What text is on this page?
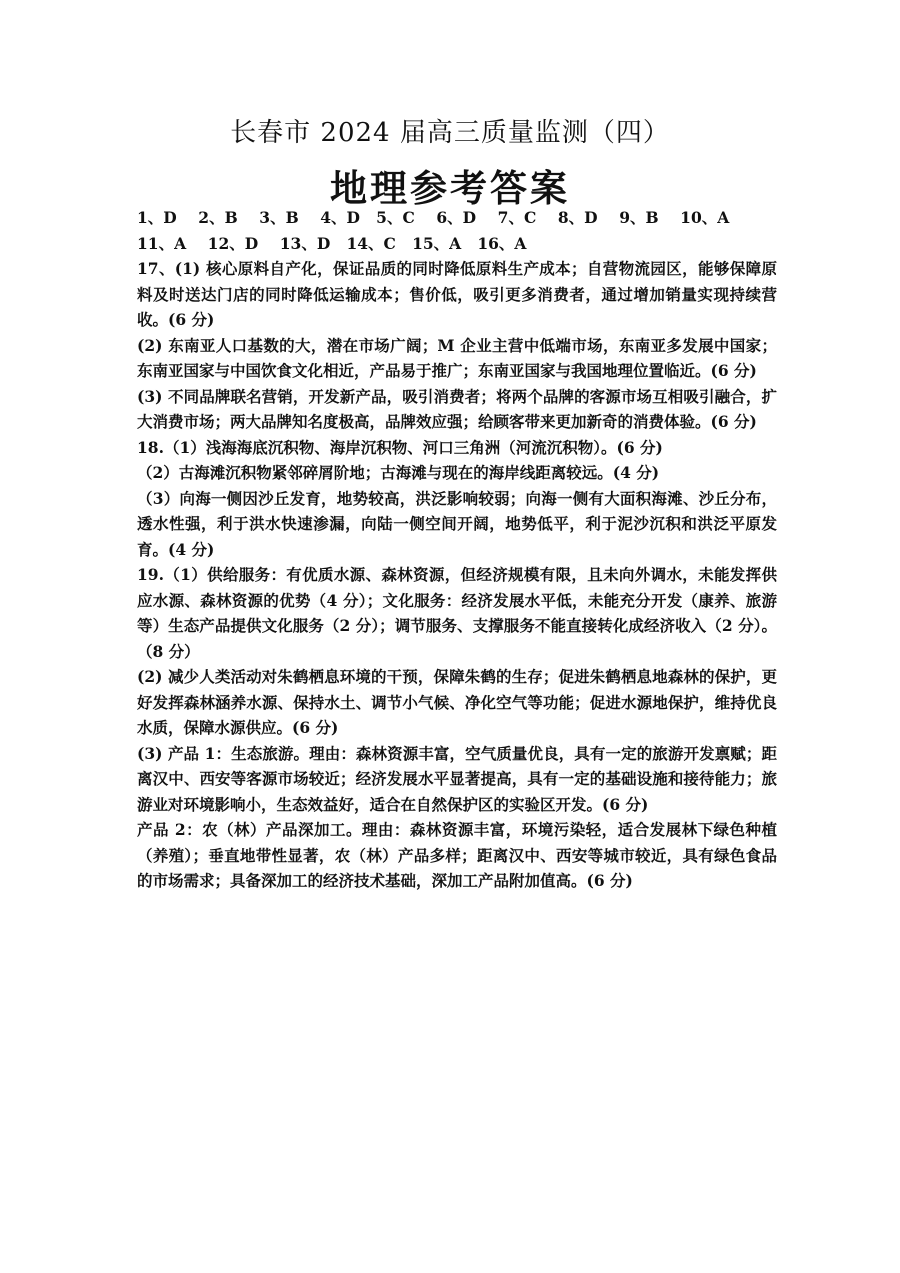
长春市 2024 届高三质量监测（四）
地理参考答案

1、D    2、B    3、B    4、D   5、C    6、D    7、C    8、D    9、B    10、A

11、A    12、D    13、D   14、C   15、A   16、A

17、(1) 核心原料自产化，保证品质的同时降低原料生产成本；自营物流园区，能够保障原料及时送达门店的同时降低运输成本；售价低，吸引更多消费者，通过增加销量实现持续营收。(6 分)

(2) 东南亚人口基数的大，潜在市场广阔；M 企业主营中低端市场，东南亚多发展中国家；东南亚国家与中国饮食文化相近，产品易于推广；东南亚国家与我国地理位置临近。(6 分)

(3) 不同品牌联名营销，开发新产品，吸引消费者；将两个品牌的客源市场互相吸引融合，扩大消费市场；两大品牌知名度极高，品牌效应强；给顾客带来更加新奇的消费体验。(6 分)

18.（1）浅海海底沉积物、海岸沉积物、河口三角洲（河流沉积物）。(6 分)

（2）古海滩沉积物紧邻碎屑阶地；古海滩与现在的海岸线距离较远。(4 分)

（3）向海一侧因沙丘发育，地势较高，洪泛影响较弱；向海一侧有大面积海滩、沙丘分布，透水性强，利于洪水快速渗漏，向陆一侧空间开阔，地势低平，利于泥沙沉积和洪泛平原发育。(4 分)

19.（1）供给服务：有优质水源、森林资源，但经济规模有限，且未向外调水，未能发挥供应水源、森林资源的优势（4 分）；文化服务：经济发展水平低，未能充分开发（康养、旅游等）生态产品提供文化服务（2 分）；调节服务、支撑服务不能直接转化成经济收入（2 分）。（8 分）

(2) 减少人类活动对朱鹤栖息环境的干预，保障朱鹤的生存；促进朱鹤栖息地森林的保护，更好发挥森林涵养水源、保持水土、调节小气候、净化空气等功能；促进水源地保护，维持优良水质，保障水源供应。(6 分)

(3) 产品 1：生态旅游。理由：森林资源丰富，空气质量优良，具有一定的旅游开发禀赋；距离汉中、西安等客源市场较近；经济发展水平显著提高，具有一定的基础设施和接待能力；旅游业对环境影响小，生态效益好，适合在自然保护区的实验区开发。(6 分)

产品 2：农（林）产品深加工。理由：森林资源丰富，环境污染轻，适合发展林下绿色种植（养殖）；垂直地带性显著，农（林）产品多样；距离汉中、西安等城市较近，具有绿色食品的市场需求；具备深加工的经济技术基础，深加工产品附加值高。(6 分)
